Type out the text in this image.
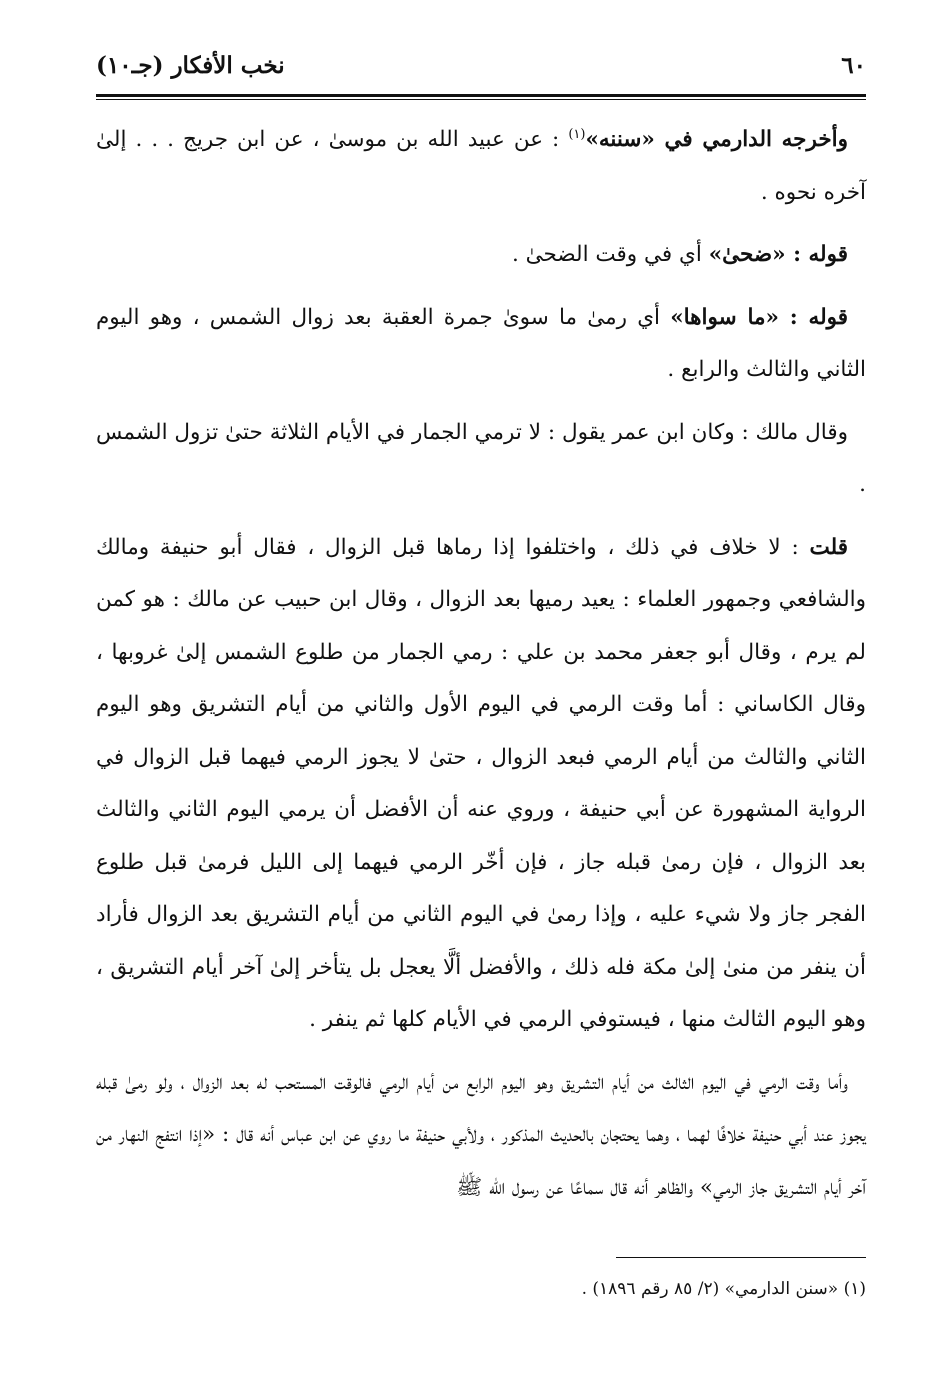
٦٠
نخب الأفكار (جـ١٠)

وأخرجه الدارمي في «سننه»$^{(١)}$ : عن عبيد الله بن موسىٰ ، عن ابن جريج . . . إلىٰ آخره نحوه .

قوله : «ضحىٰ» أي في وقت الضحىٰ .

قوله : «ما سواها» أي رمىٰ ما سوىٰ جمرة العقبة بعد زوال الشمس ، وهو اليوم الثاني والثالث والرابع .

وقال مالك : وكان ابن عمر يقول : لا ترمي الجمار في الأيام الثلاثة حتىٰ تزول الشمس .

قلت : لا خلاف في ذلك ، واختلفوا إذا رماها قبل الزوال ، فقال أبو حنيفة ومالك والشافعي وجمهور العلماء : يعيد رميها بعد الزوال ، وقال ابن حبيب عن مالك : هو كمن لم يرم ، وقال أبو جعفر محمد بن علي : رمي الجمار من طلوع الشمس إلىٰ غروبها ، وقال الكاساني : أما وقت الرمي في اليوم الأول والثاني من أيام التشريق وهو اليوم الثاني والثالث من أيام الرمي فبعد الزوال ، حتىٰ لا يجوز الرمي فيهما قبل الزوال في الرواية المشهورة عن أبي حنيفة ، وروي عنه أن الأفضل أن يرمي اليوم الثاني والثالث بعد الزوال ، فإن رمىٰ قبله جاز ، فإن أخّر الرمي فيهما إلى الليل فرمىٰ قبل طلوع الفجر جاز ولا شيء عليه ، وإذا رمىٰ في اليوم الثاني من أيام التشريق بعد الزوال فأراد أن ينفر من منىٰ إلىٰ مكة فله ذلك ، والأفضل ألَّا يعجل بل يتأخر إلىٰ آخر أيام التشريق ، وهو اليوم الثالث منها ، فيستوفي الرمي في الأيام كلها ثم ينفر .

وأما وقت الرمي في اليوم الثالث من أيام التشريق وهو اليوم الرابع من أيام الرمي فالوقت المستحب له بعد الزوال ، ولو رمىٰ قبله يجوز عند أبي حنيفة خلافًا لهما ، وهما يحتجان بالحديث المذكور ، ولأبي حنيفة ما روي عن ابن عباس أنه قال : «إذا انتفج النهار من آخر أيام التشريق جاز الرمي» والظاهر أنه قال سماعًا عن رسول الله ﷺ

(١) «سنن الدارمي» (٢/ ٨٥ رقم ١٨٩٦) .
